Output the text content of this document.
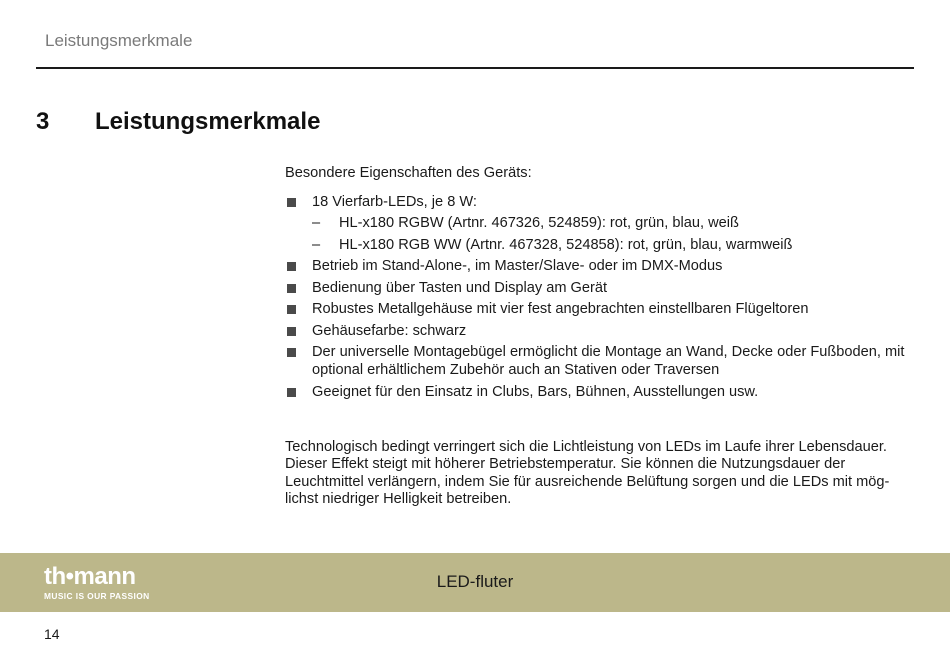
Leistungsmerkmale
3 Leistungsmerkmale

Besondere Eigenschaften des Geräts:

18 Vierfarb-LEDs, je 8 W:
– HL-x180 RGBW (Artnr. 467326, 524859): rot, grün, blau, weiß
– HL-x180 RGB WW (Artnr. 467328, 524858): rot, grün, blau, warmweiß
Betrieb im Stand-Alone-, im Master/Slave- oder im DMX-Modus
Bedienung über Tasten und Display am Gerät
Robustes Metallgehäuse mit vier fest angebrachten einstellbaren Flügeltoren
Gehäusefarbe: schwarz
Der universelle Montagebügel ermöglicht die Montage an Wand, Decke oder Fußboden, mit optional erhältlichem Zubehör auch an Stativen oder Traversen
Geeignet für den Einsatz in Clubs, Bars, Bühnen, Ausstellungen usw.

Technologisch bedingt verringert sich die Lichtleistung von LEDs im Laufe ihrer Lebensdauer. Dieser Effekt steigt mit höherer Betriebstemperatur. Sie können die Nutzungsdauer der Leuchtmittel verlängern, indem Sie für ausreichende Belüftung sorgen und die LEDs mit mög-lichst niedriger Helligkeit betreiben.

th•mann
MUSIC IS OUR PASSION
LED-fluter
14
